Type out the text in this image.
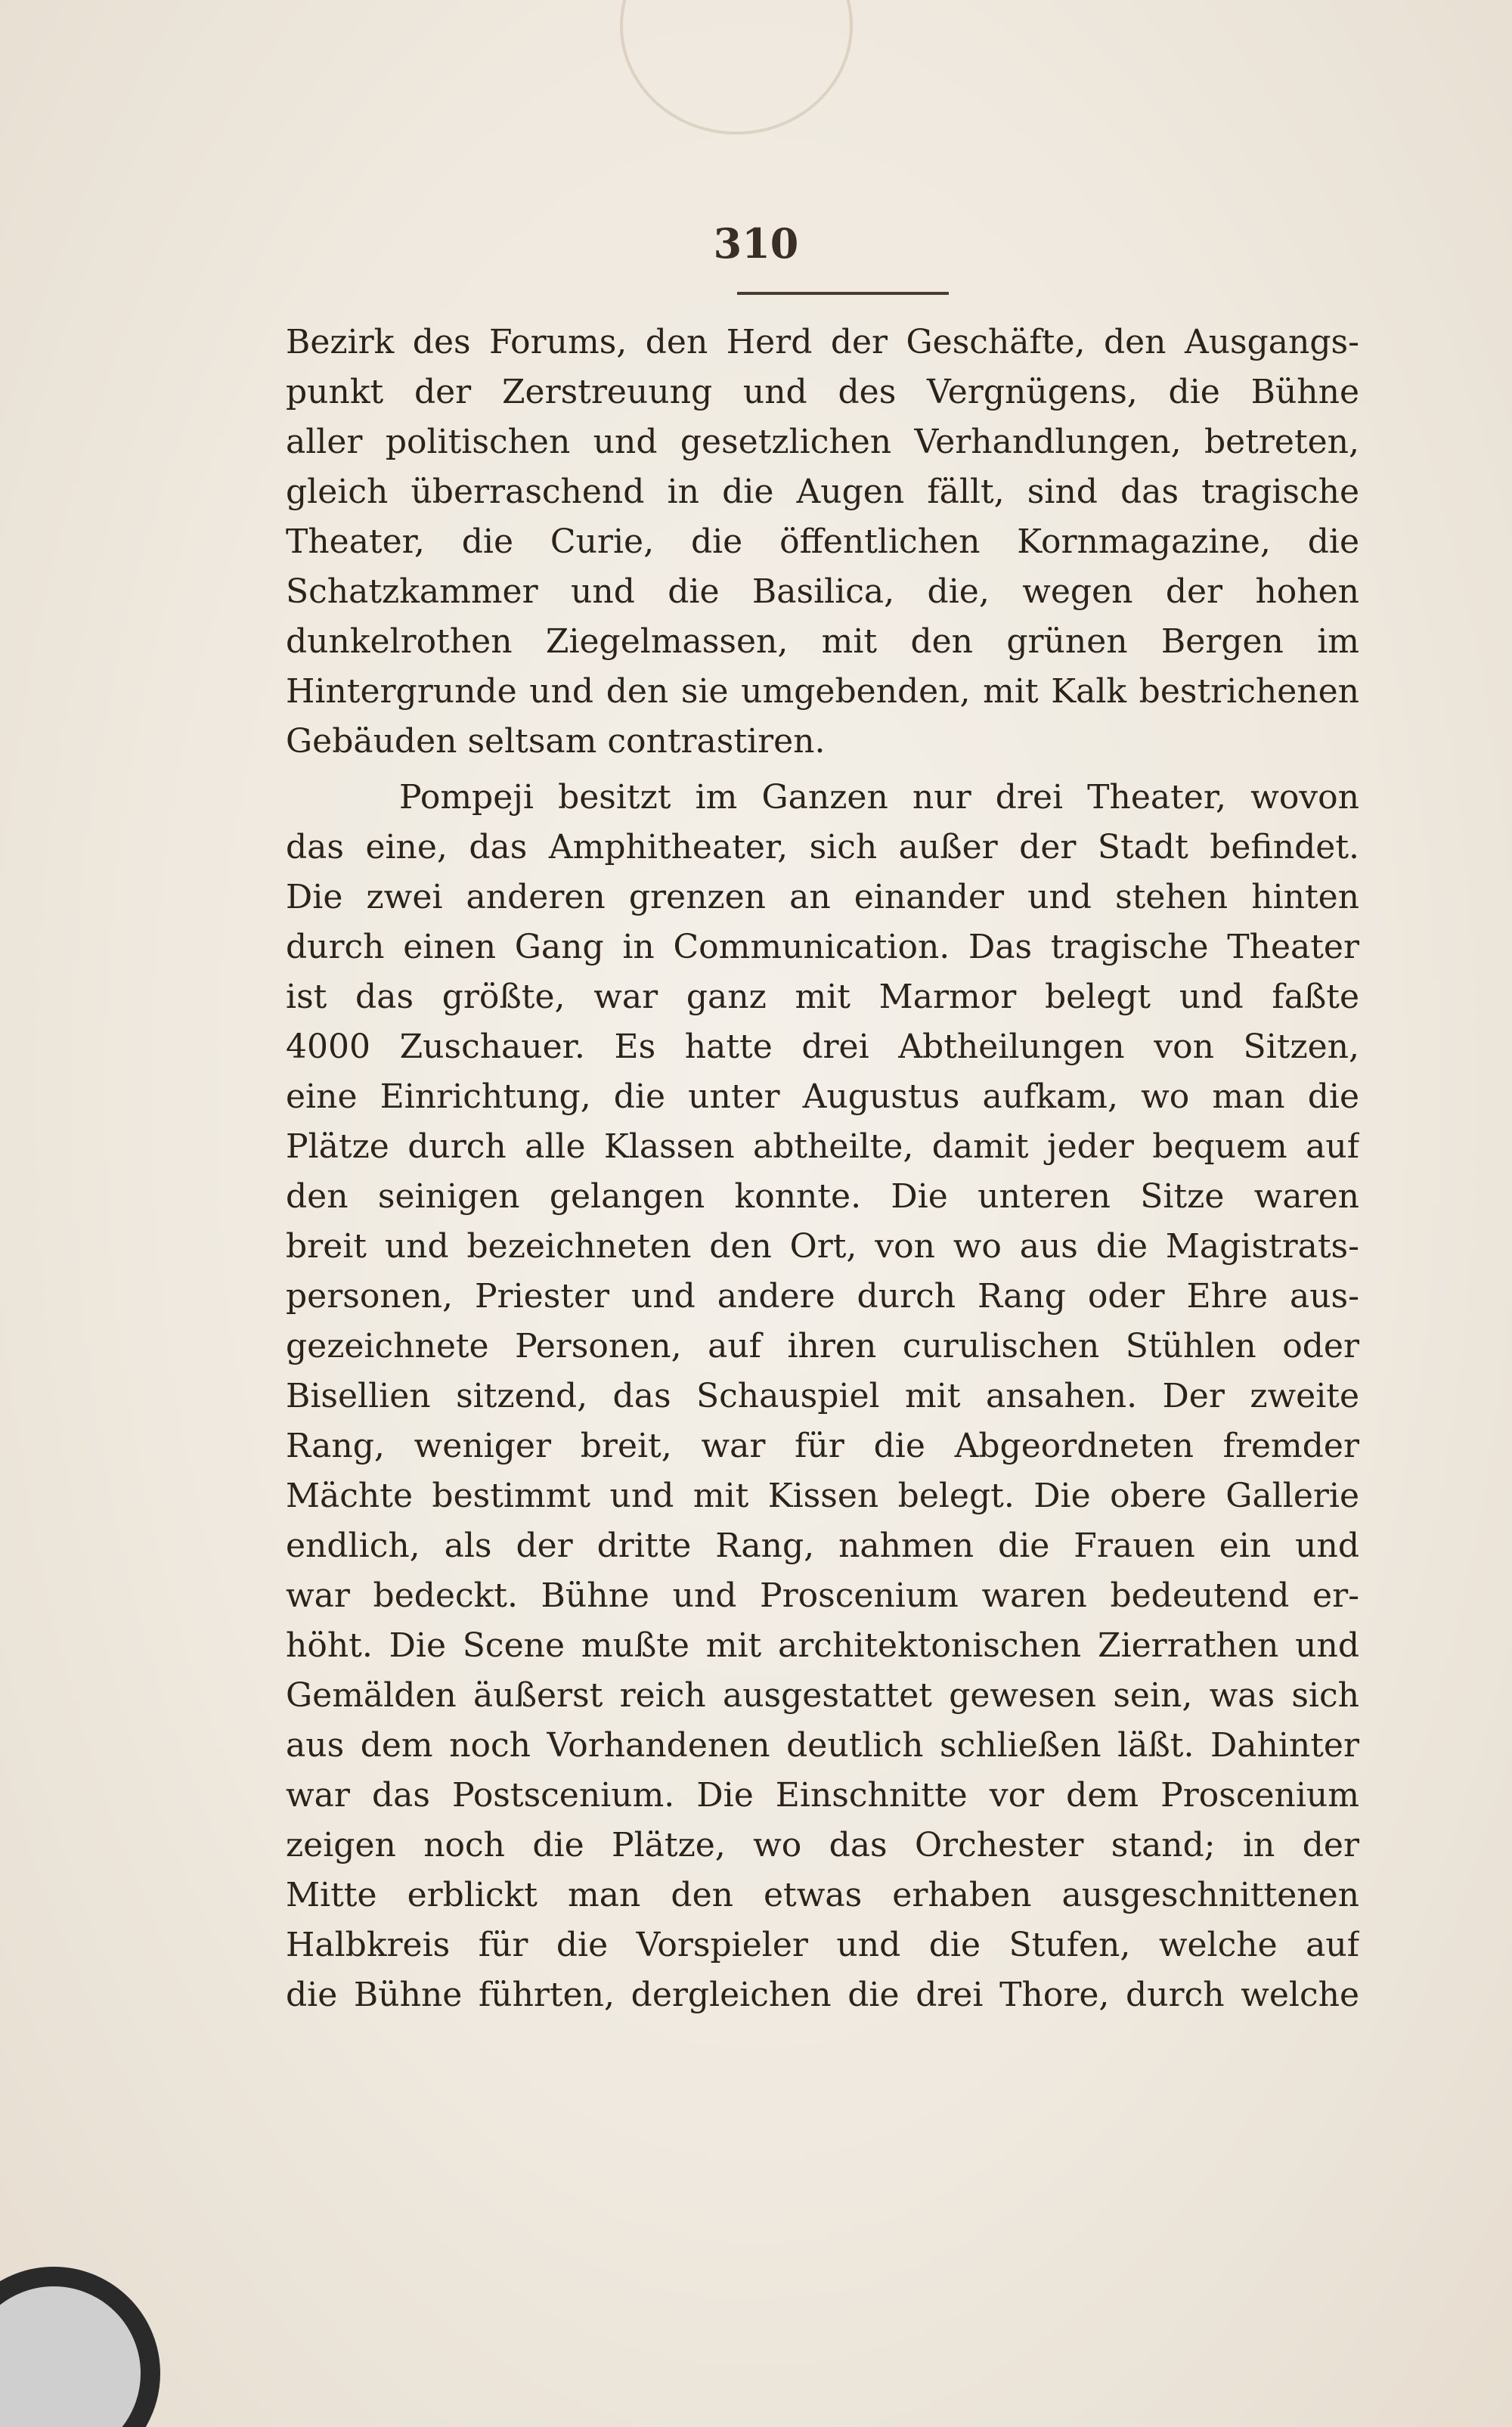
310
Bezirk des Forums, den Herd der Geschäfte, den Ausgangs-
punkt der Zerstreuung und des Vergnügens, die Bühne
aller politischen und gesetzlichen Verhandlungen, betreten,
gleich überraschend in die Augen fällt, sind das tragische
Theater, die Curie, die öffentlichen Kornmagazine, die
Schatzkammer und die Basilica, die, wegen der hohen
dunkelrothen Ziegelmassen, mit den grünen Bergen im
Hintergrunde und den sie umgebenden, mit Kalk bestrichenen
Gebäuden seltsam contrastiren.
Pompeji besitzt im Ganzen nur drei Theater, wovon
das eine, das Amphitheater, sich außer der Stadt befindet.
Die zwei anderen grenzen an einander und stehen hinten
durch einen Gang in Communication. Das tragische Theater
ist das größte, war ganz mit Marmor belegt und faßte
4000 Zuschauer. Es hatte drei Abtheilungen von Sitzen,
eine Einrichtung, die unter Augustus aufkam, wo man die
Plätze durch alle Klassen abtheilte, damit jeder bequem auf
den seinigen gelangen konnte. Die unteren Sitze waren
breit und bezeichneten den Ort, von wo aus die Magistrats-
personen, Priester und andere durch Rang oder Ehre aus-
gezeichnete Personen, auf ihren curulischen Stühlen oder
Bisellien sitzend, das Schauspiel mit ansahen. Der zweite
Rang, weniger breit, war für die Abgeordneten fremder
Mächte bestimmt und mit Kissen belegt. Die obere Gallerie
endlich, als der dritte Rang, nahmen die Frauen ein und
war bedeckt. Bühne und Proscenium waren bedeutend er-
höht. Die Scene mußte mit architektonischen Zierrathen und
Gemälden äußerst reich ausgestattet gewesen sein, was sich
aus dem noch Vorhandenen deutlich schließen läßt. Dahinter
war das Postscenium. Die Einschnitte vor dem Proscenium
zeigen noch die Plätze, wo das Orchester stand; in der
Mitte erblickt man den etwas erhaben ausgeschnittenen
Halbkreis für die Vorspieler und die Stufen, welche auf
die Bühne führten, dergleichen die drei Thore, durch welche
